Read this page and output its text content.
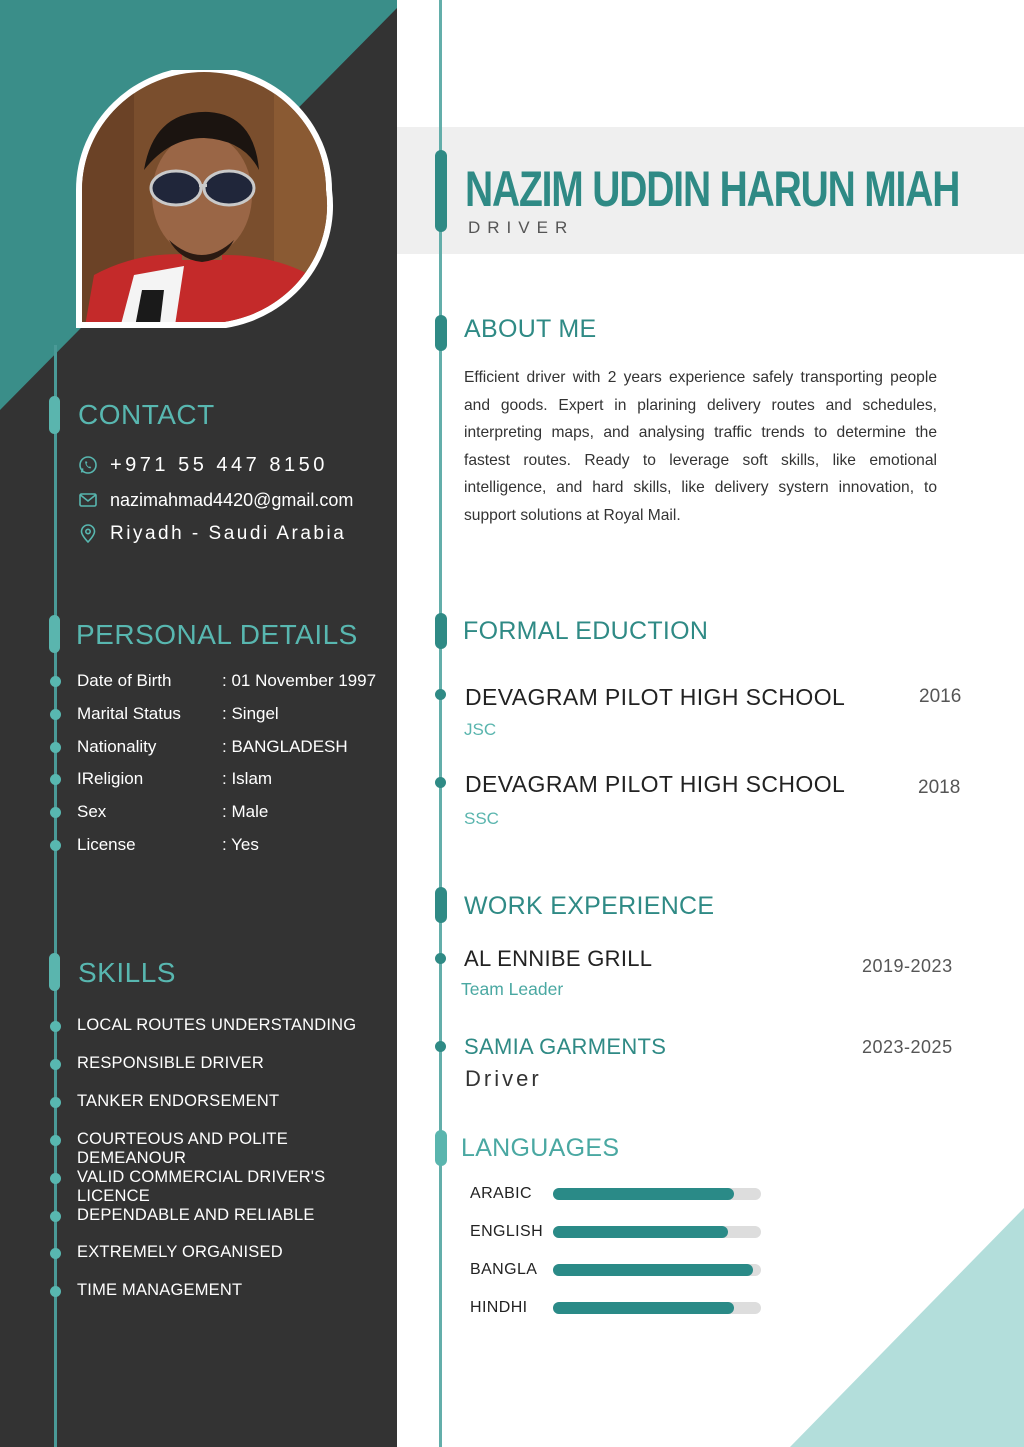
CONTACT
+971 55 447 8150
nazimahmad4420@gmail.com
Riyadh - Saudi Arabia
PERSONAL DETAILS
Date of Birth	: 01 November 1997
Marital Status	: Singel
Nationality	: BANGLADESH
IReligion	: Islam
Sex	: Male
License	: Yes
SKILLS
LOCAL ROUTES UNDERSTANDING
RESPONSIBLE DRIVER
TANKER ENDORSEMENT
COURTEOUS AND POLITE DEMEANOUR
VALID COMMERCIAL DRIVER'S LICENCE
DEPENDABLE AND RELIABLE
EXTREMELY ORGANISED
TIME MANAGEMENT
NAZIM UDDIN HARUN MIAH
DRIVER
ABOUT ME
Efficient driver with 2 years experience safely transporting people and goods. Expert in plarining delivery routes and schedules, interpreting maps, and analysing traffic trends to determine the fastest routes. Ready to leverage soft skills, like emotional intelligence, and hard skills, like delivery systern innovation, to support solutions at Royal Mail.
FORMAL EDUCTION
DEVAGRAM PILOT HIGH SCHOOL	2016
JSC
DEVAGRAM PILOT HIGH SCHOOL	2018
SSC
WORK EXPERIENCE
AL ENNIBE GRILL	2019-2023
Team Leader
SAMIA GARMENTS	2023-2025
Driver
LANGUAGES
ARABIC
ENGLISH
BANGLA
HINDHI
